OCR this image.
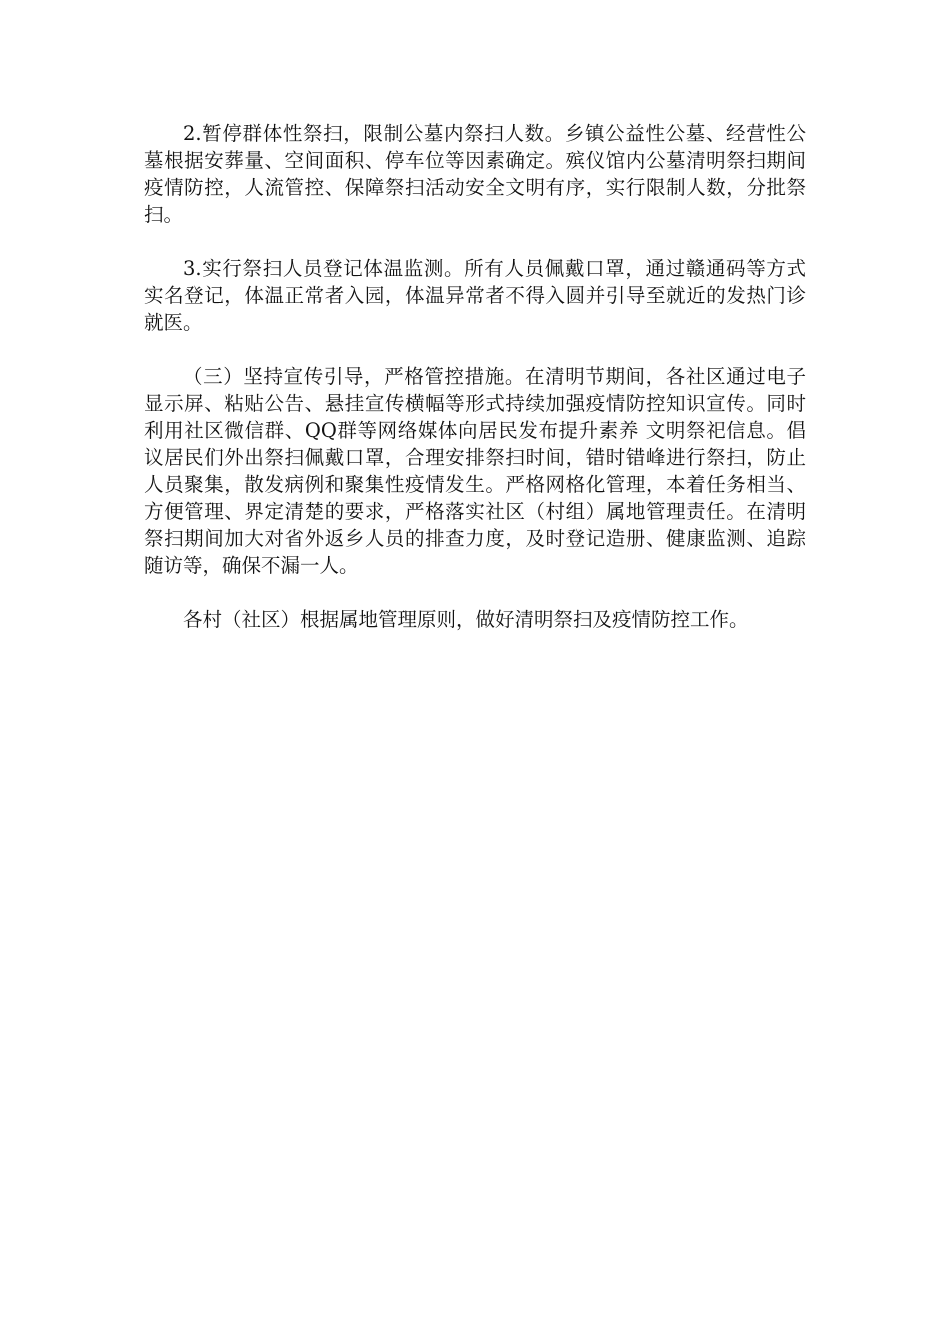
2.暂停群体性祭扫，限制公墓内祭扫人数。乡镇公益性公墓、经营性公墓根据安葬量、空间面积、停车位等因素确定。殡仪馆内公墓清明祭扫期间疫情防控，人流管控、保障祭扫活动安全文明有序，实行限制人数，分批祭扫。

3.实行祭扫人员登记体温监测。所有人员佩戴口罩，通过赣通码等方式实名登记，体温正常者入园，体温异常者不得入圆并引导至就近的发热门诊就医。

（三）坚持宣传引导，严格管控措施。在清明节期间，各社区通过电子显示屏、粘贴公告、悬挂宣传横幅等形式持续加强疫情防控知识宣传。同时利用社区微信群、QQ群等网络媒体向居民发布提升素养 文明祭祀信息。倡议居民们外出祭扫佩戴口罩，合理安排祭扫时间，错时错峰进行祭扫，防止人员聚集，散发病例和聚集性疫情发生。严格网格化管理，本着任务相当、方便管理、界定清楚的要求，严格落实社区（村组）属地管理责任。在清明祭扫期间加大对省外返乡人员的排查力度，及时登记造册、健康监测、追踪随访等，确保不漏一人。

各村（社区）根据属地管理原则，做好清明祭扫及疫情防控工作。
